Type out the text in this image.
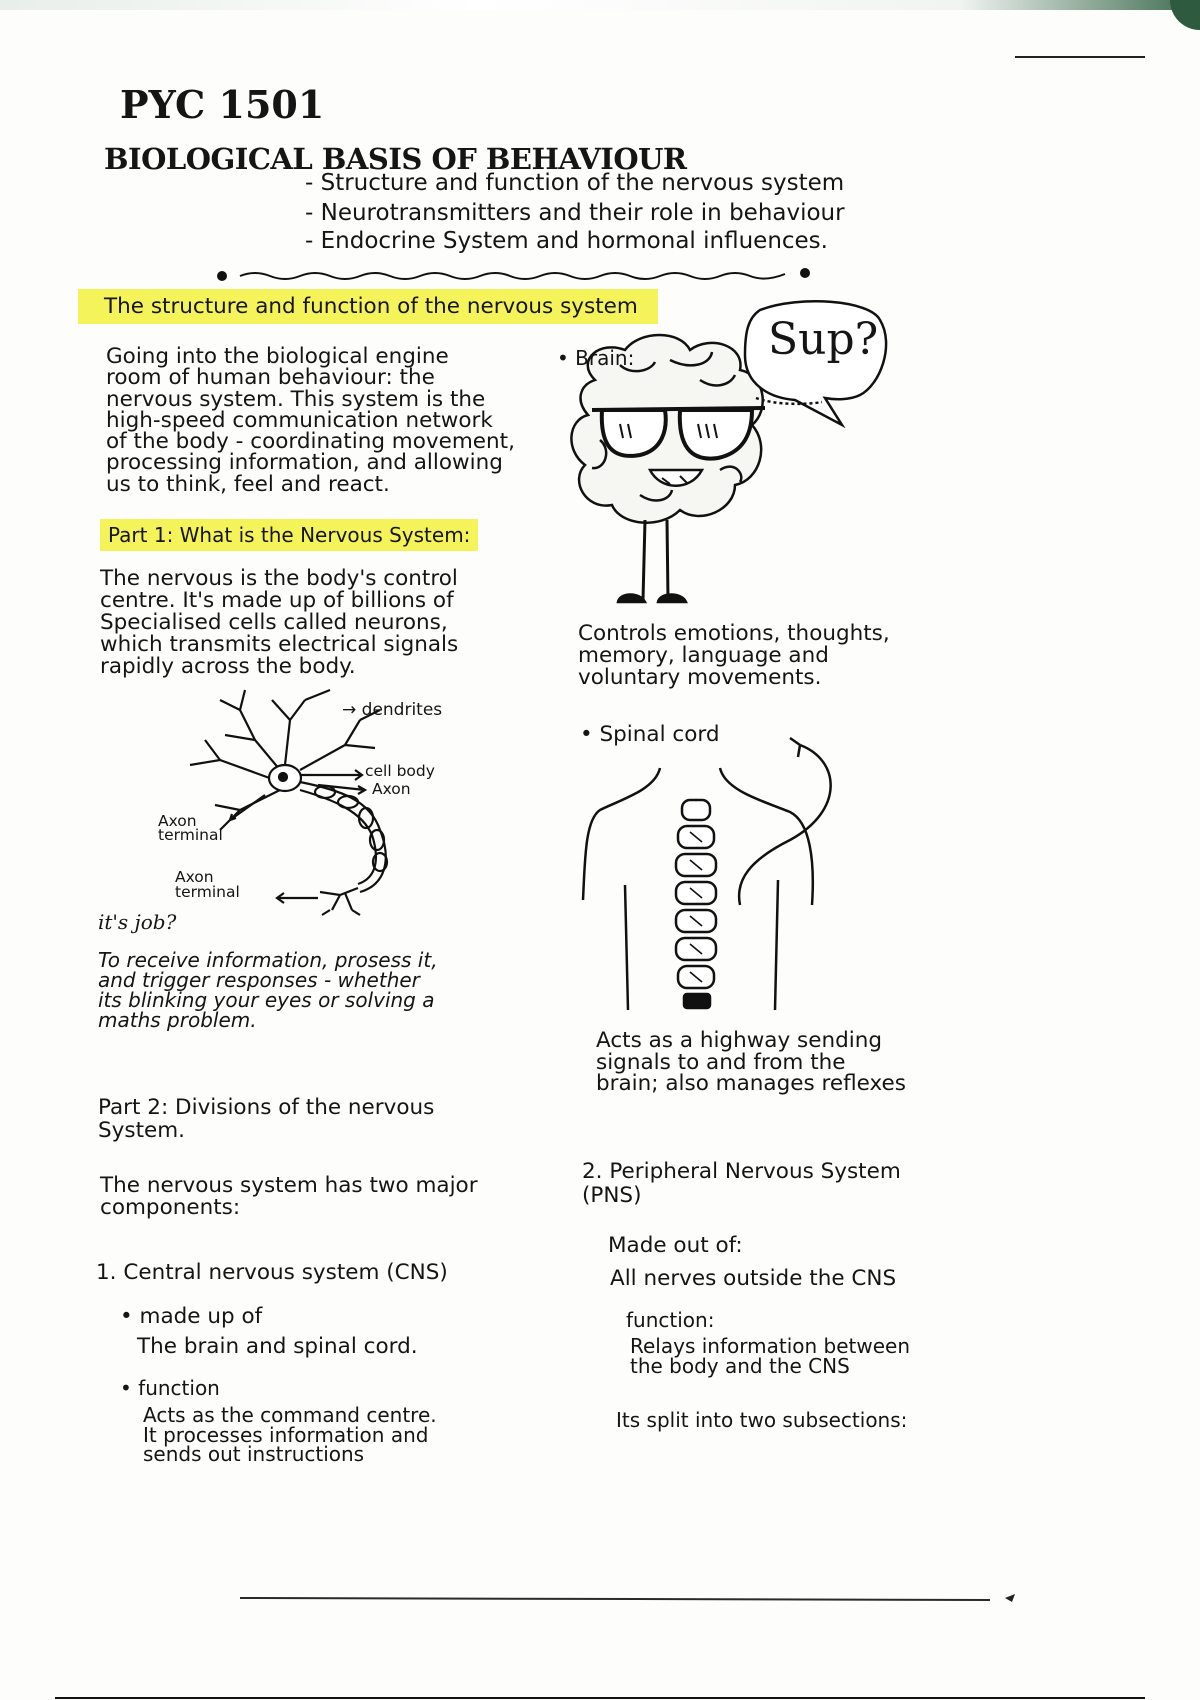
PYC 1501

BIOLOGICAL BASIS OF BEHAVIOUR

- Structure and function of the nervous system

- Neurotransmitters and their role in behaviour

- Endocrine System and hormonal influences.

The structure and function of the nervous system

Going into the biological engine
room of human behaviour: the
nervous system. This system is the
high-speed communication network
of the body - coordinating movement,
processing information, and allowing
us to think, feel and react.

Part 1: What is the Nervous System:

The nervous is the body's control
centre. It's made up of billions of
Specialised cells called neurons,
which transmits electrical signals
rapidly across the body.

→ dendrites

cell body

Axon

Axon
terminal

Axon
terminal

it's job?

To receive information, prosess it,
and trigger responses - whether
its blinking your eyes or solving a
maths problem.

• Brain:	Sup?

Controls emotions, thoughts,
memory, language and
voluntary movements.

• Spinal cord

Acts as a highway sending
signals to and from the
brain; also manages reflexes

Part 2: Divisions of the nervous
System.

The nervous system has two major
components:

1. Central nervous system (CNS)

• made up of

The brain and spinal cord.

• function

Acts as the command centre.
It processes information and
sends out instructions

2. Peripheral Nervous System
(PNS)

Made out of:

All nerves outside the CNS

function:

Relays information between
the body and the CNS

Its split into two subsections:
